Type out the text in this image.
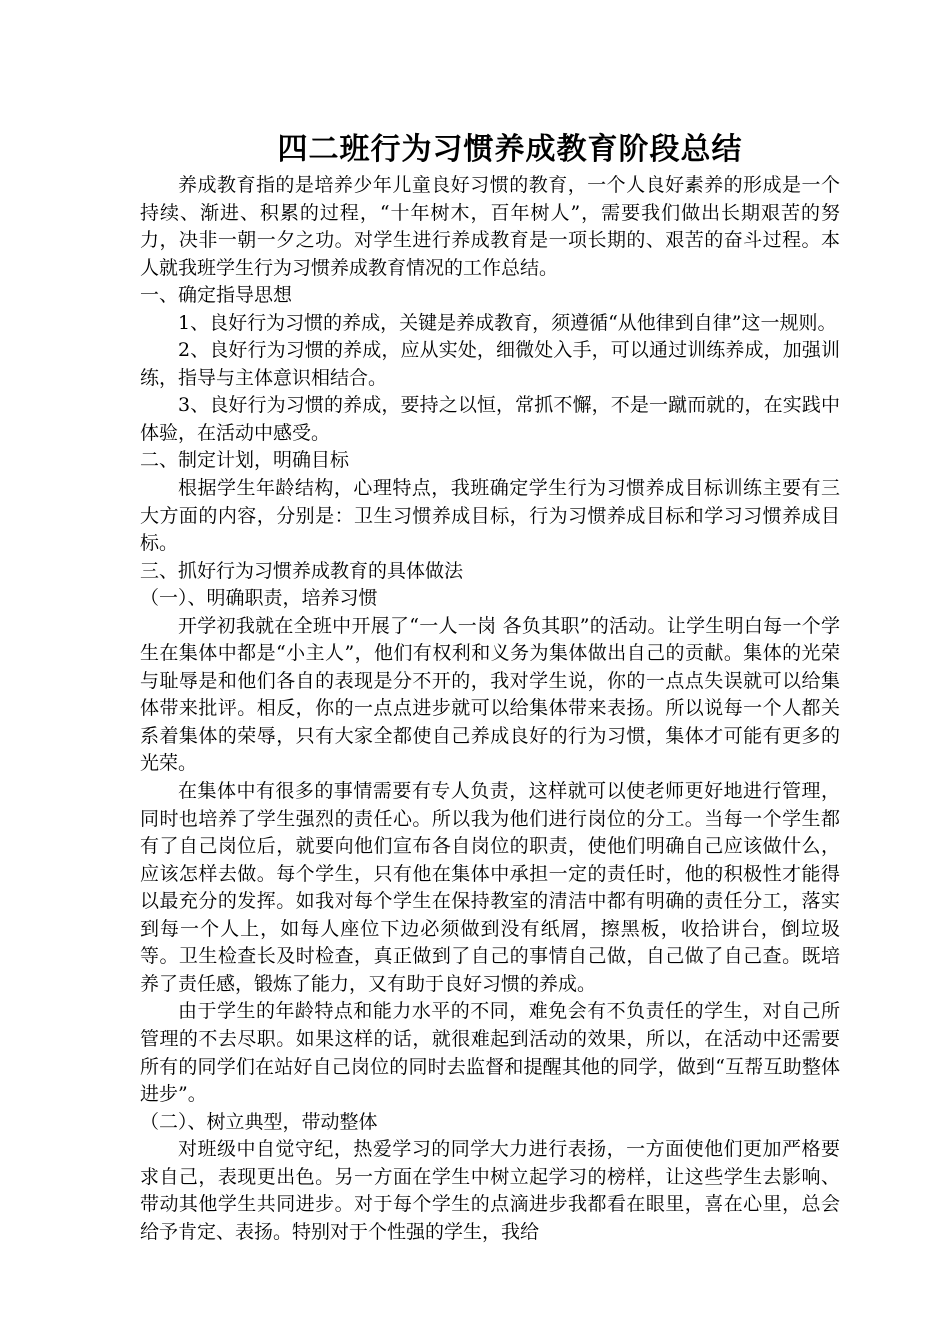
四二班行为习惯养成教育阶段总结

养成教育指的是培养少年儿童良好习惯的教育，一个人良好素养的形成是一个持续、渐进、积累的过程，“十年树木，百年树人”，需要我们做出长期艰苦的努力，决非一朝一夕之功。对学生进行养成教育是一项长期的、艰苦的奋斗过程。本人就我班学生行为习惯养成教育情况的工作总结。

一、确定指导思想

1、良好行为习惯的养成，关键是养成教育，须遵循“从他律到自律”这一规则。

2、良好行为习惯的养成，应从实处，细微处入手，可以通过训练养成，加强训练，指导与主体意识相结合。

3、良好行为习惯的养成，要持之以恒，常抓不懈，不是一蹴而就的，在实践中体验，在活动中感受。

二、制定计划，明确目标

根据学生年龄结构，心理特点，我班确定学生行为习惯养成目标训练主要有三大方面的内容，分别是：卫生习惯养成目标，行为习惯养成目标和学习习惯养成目标。

三、抓好行为习惯养成教育的具体做法

（一）、明确职责，培养习惯

开学初我就在全班中开展了“一人一岗 各负其职”的活动。让学生明白每一个学生在集体中都是“小主人”，他们有权利和义务为集体做出自己的贡献。集体的光荣与耻辱是和他们各自的表现是分不开的，我对学生说，你的一点点失误就可以给集体带来批评。相反，你的一点点进步就可以给集体带来表扬。所以说每一个人都关系着集体的荣辱，只有大家全都使自己养成良好的行为习惯，集体才可能有更多的光荣。

在集体中有很多的事情需要有专人负责，这样就可以使老师更好地进行管理，同时也培养了学生强烈的责任心。所以我为他们进行岗位的分工。当每一个学生都有了自己岗位后，就要向他们宣布各自岗位的职责，使他们明确自己应该做什么，应该怎样去做。每个学生，只有他在集体中承担一定的责任时，他的积极性才能得以最充分的发挥。如我对每个学生在保持教室的清洁中都有明确的责任分工，落实到每一个人上，如每人座位下边必须做到没有纸屑，擦黑板，收拾讲台，倒垃圾等。卫生检查长及时检查，真正做到了自己的事情自己做，自己做了自己查。既培养了责任感，锻炼了能力，又有助于良好习惯的养成。

由于学生的年龄特点和能力水平的不同，难免会有不负责任的学生，对自己所管理的不去尽职。如果这样的话，就很难起到活动的效果，所以，在活动中还需要所有的同学们在站好自己岗位的同时去监督和提醒其他的同学，做到“互帮互助整体进步”。

（二）、树立典型，带动整体

对班级中自觉守纪，热爱学习的同学大力进行表扬，一方面使他们更加严格要求自己，表现更出色。另一方面在学生中树立起学习的榜样，让这些学生去影响、带动其他学生共同进步。对于每个学生的点滴进步我都看在眼里，喜在心里，总会给予肯定、表扬。特别对于个性强的学生，我给
